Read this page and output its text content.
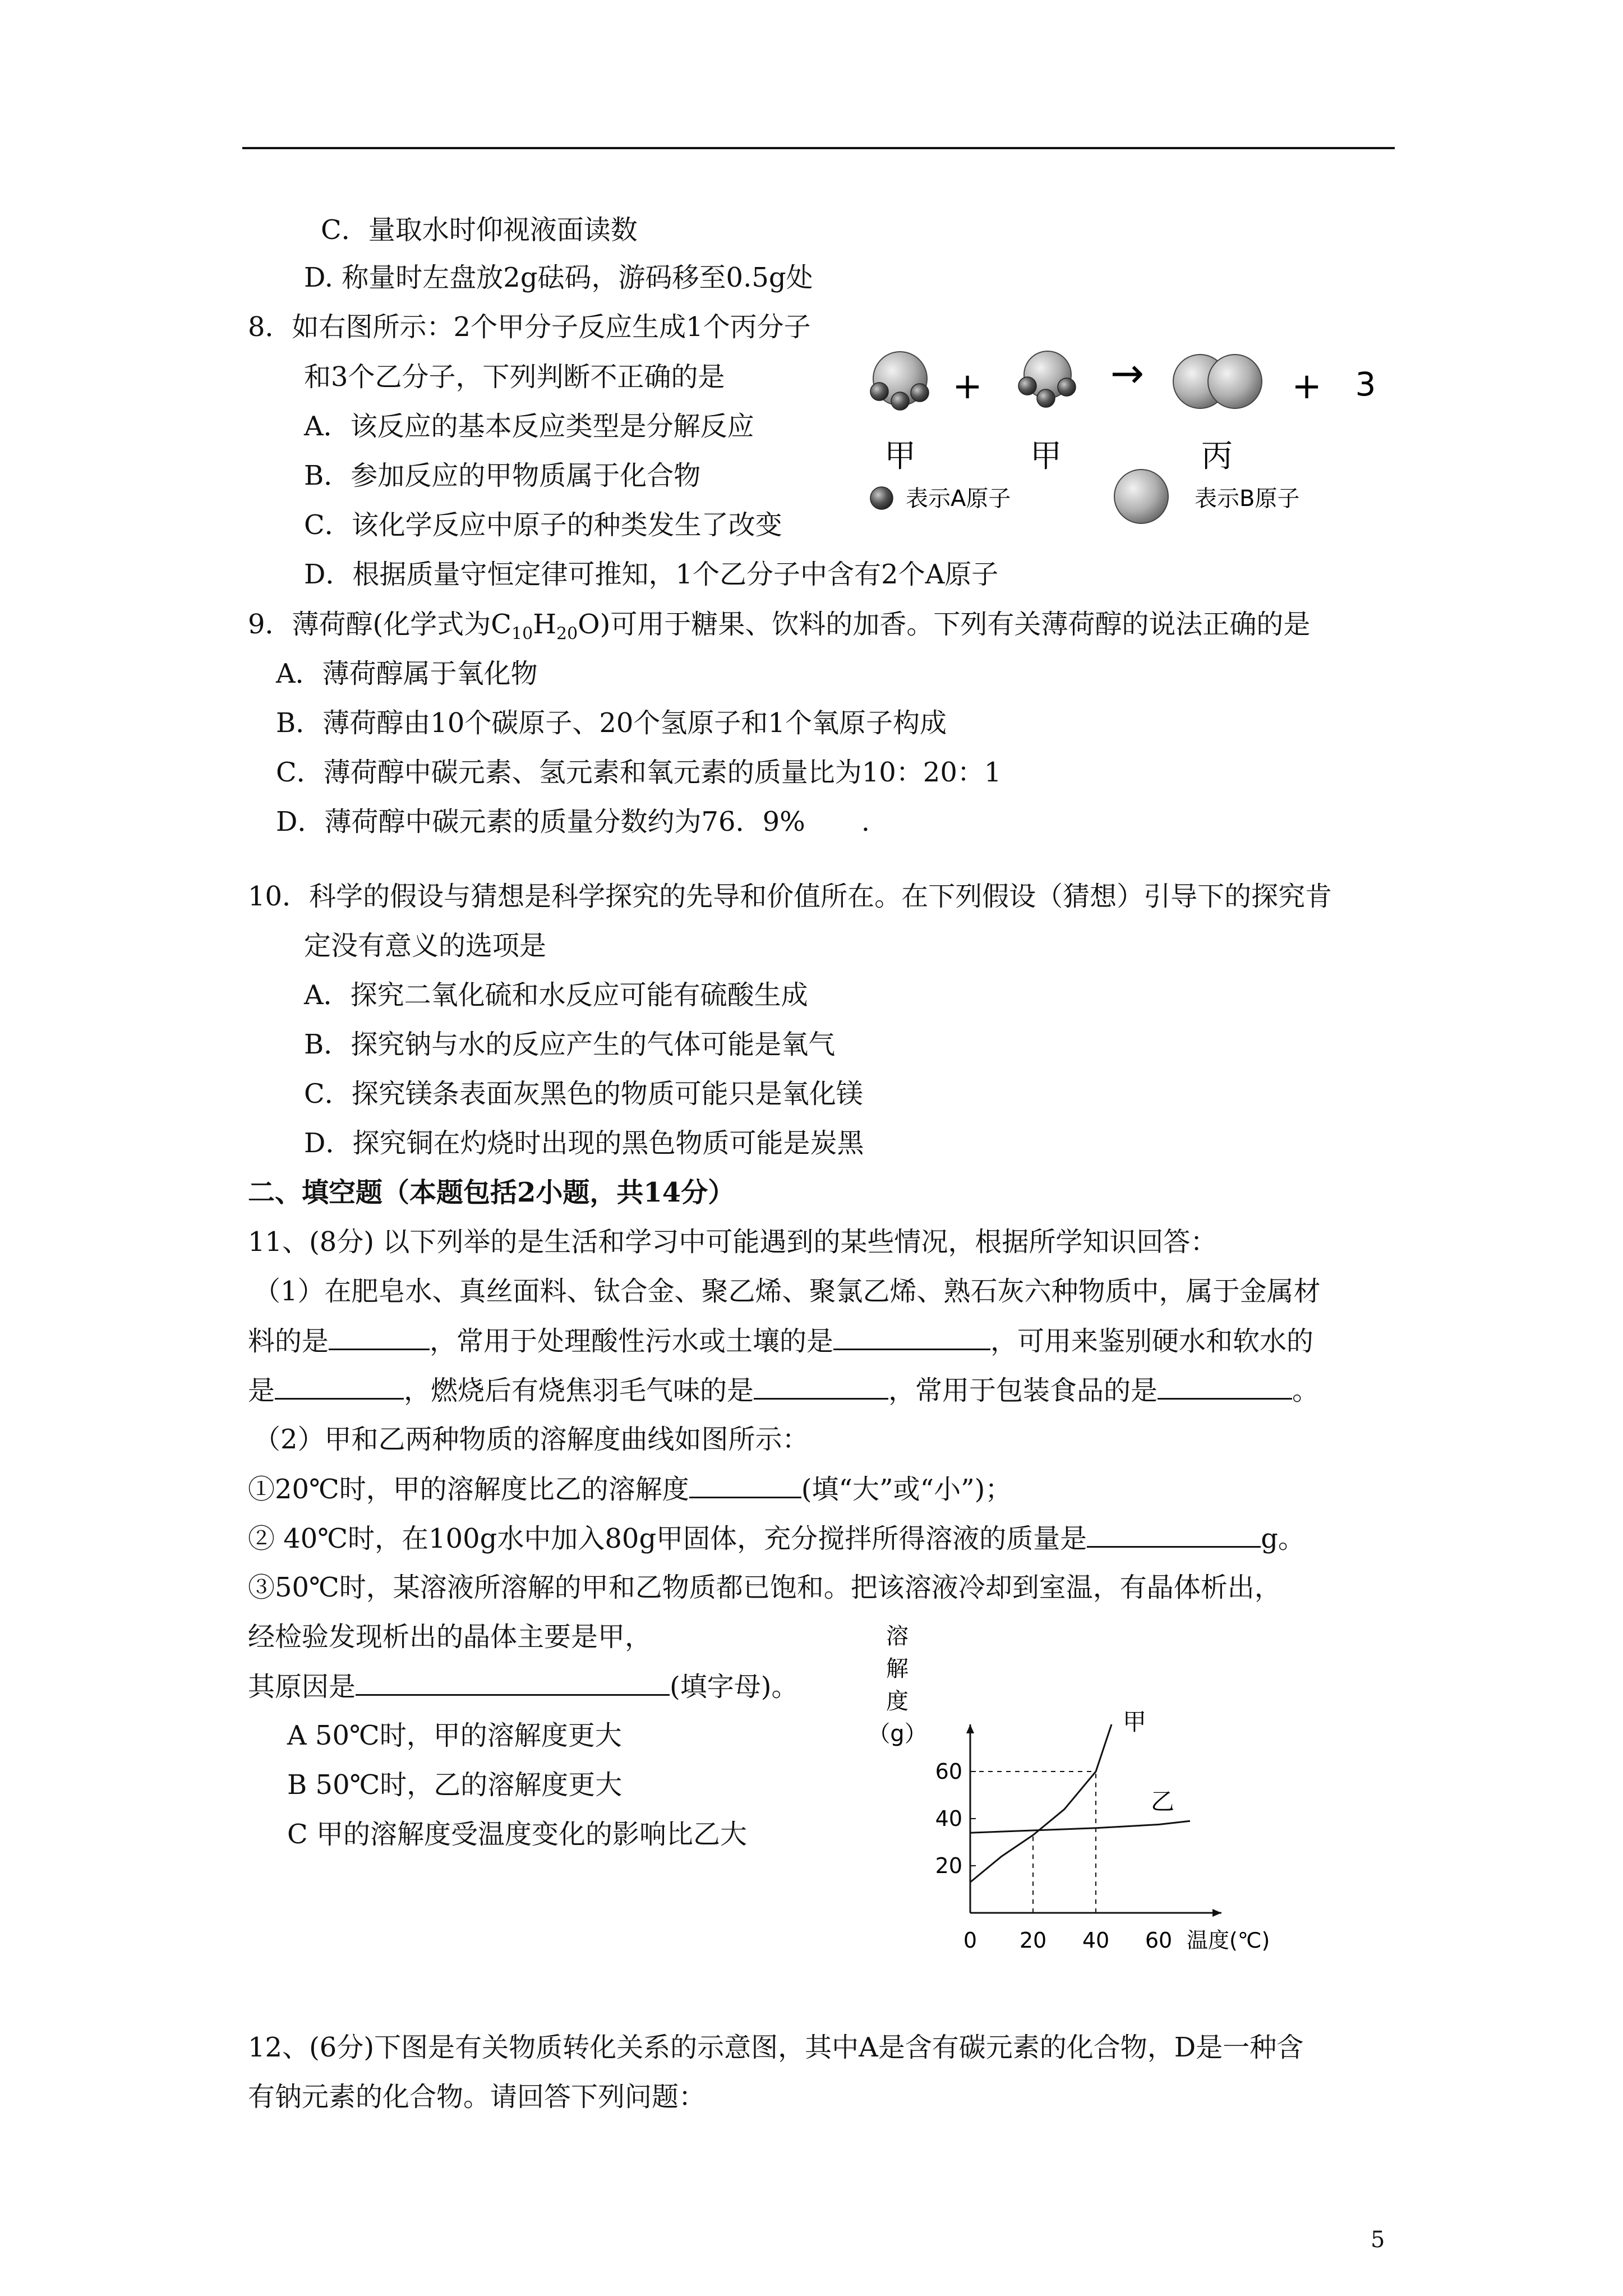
C．量取水时仰视液面读数
D. 称量时左盘放2g砝码，游码移至0.5g处
8．如右图所示：2个甲分子反应生成1个丙分子
和3个乙分子，下列判断不正确的是
A．该反应的基本反应类型是分解反应
B．参加反应的甲物质属于化合物
C．该化学反应中原子的种类发生了改变
D．根据质量守恒定律可推知，1个乙分子中含有2个A原子
+	→	+ 3
甲	甲	丙
表示A原子	表示B原子
9．薄荷醇(化学式为$C_{10}H_{20}O$)可用于糖果、饮料的加香。下列有关薄荷醇的说法正确的是
A．薄荷醇属于氧化物
B．薄荷醇由10个碳原子、20个氢原子和1个氧原子构成
C．薄荷醇中碳元素、氢元素和氧元素的质量比为10：20：1
D．薄荷醇中碳元素的质量分数约为76．9% .
10．科学的假设与猜想是科学探究的先导和价值所在。在下列假设（猜想）引导下的探究肯
定没有意义的选项是
A．探究二氧化硫和水反应可能有硫酸生成
B．探究钠与水的反应产生的气体可能是氧气
C．探究镁条表面灰黑色的物质可能只是氧化镁
D．探究铜在灼烧时出现的黑色物质可能是炭黑
二、填空题（本题包括2小题，共14分）
11、(8分) 以下列举的是生活和学习中可能遇到的某些情况，根据所学知识回答：
（1）在肥皂水、真丝面料、钛合金、聚乙烯、聚氯乙烯、熟石灰六种物质中，属于金属材
料的是	，常用于处理酸性污水或土壤的是	，可用来鉴别硬水和软水的
是	，燃烧后有烧焦羽毛气味的是	，常用于包装食品的是	。
（2）甲和乙两种物质的溶解度曲线如图所示：
①20℃时，甲的溶解度比乙的溶解度	(填“大”或“小”)；
② 40℃时，在100g水中加入80g甲固体，充分搅拌所得溶液的质量是	g。
③50℃时，某溶液所溶解的甲和乙物质都已饱和。把该溶液冷却到室温，有晶体析出，
经检验发现析出的晶体主要是甲，
其原因是	(填字母)。
A 50℃时，甲的溶解度更大
B 50℃时，乙的溶解度更大
C 甲的溶解度受温度变化的影响比乙大
溶
解
度
（g）
0 20 40 60
20
40
60
温度(℃)
甲
乙
12、(6分)下图是有关物质转化关系的示意图，其中A是含有碳元素的化合物，D是一种含
有钠元素的化合物。请回答下列问题：
5
